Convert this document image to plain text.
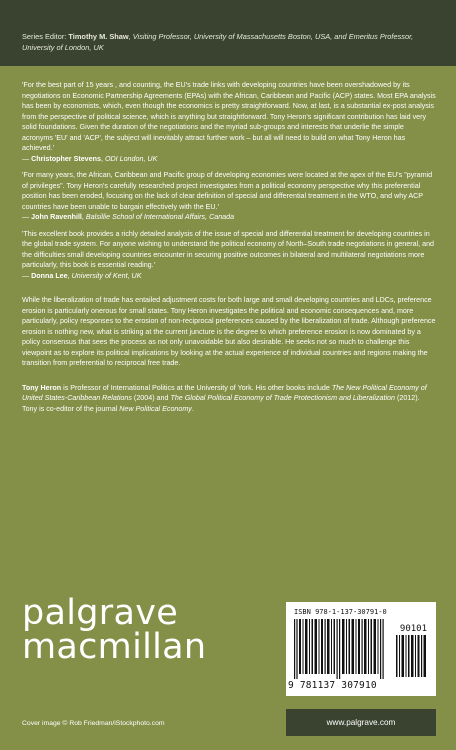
Series Editor: Timothy M. Shaw, Visiting Professor, University of Massachusetts Boston, USA, and Emeritus Professor, University of London, UK
'For the best part of 15 years , and counting, the EU's trade links with developing countries have been overshadowed by its negotiations on Economic Partnership Agreements (EPAs) with the African, Caribbean and Pacific (ACP) states. Most EPA analysis has been by economists, which, even though the economics is pretty straightforward. Now, at last, is a substantial ex-post analysis from the perspective of political science, which is anything but straightforward. Tony Heron's significant contribution has laid very solid foundations. Given the duration of the negotiations and the myriad sub-groups and interests that underlie the simple acronyms 'EU' and 'ACP', the subject will inevitably attract further work – but all will need to build on what Tony Heron has achieved.'
— Christopher Stevens, ODI London, UK
'For many years, the African, Caribbean and Pacific group of developing economies were located at the apex of the EU's "pyramid of privileges". Tony Heron's carefully researched project investigates from a political economy perspective why this preferential position has been eroded, focusing on the lack of clear definition of special and differential treatment in the WTO, and why ACP countries have been unable to bargain effectively with the EU.'
— John Ravenhill, Balsillie School of International Affairs, Canada
'This excellent book provides a richly detailed analysis of the issue of special and differential treatment for developing countries in the global trade system. For anyone wishing to understand the political economy of North–South trade negotiations in general, and the difficulties small developing countries encounter in securing positive outcomes in bilateral and multilateral negotiations more particularly, this book is essential reading.'
— Donna Lee, University of Kent, UK
While the liberalization of trade has entailed adjustment costs for both large and small developing countries and LDCs, preference erosion is particularly onerous for small states. Tony Heron investigates the political and economic consequences and, more particularly, policy responses to the erosion of non-reciprocal preferences caused by the liberalization of trade. Although preference erosion is nothing new, what is striking at the current juncture is the degree to which preference erosion is now dominated by a policy consensus that sees the process as not only unavoidable but also desirable. He seeks not so much to challenge this viewpoint as to explore its political implications by looking at the actual experience of individual countries and regions making the transition from preferential to reciprocal free trade.
Tony Heron is Professor of International Politics at the University of York. His other books include The New Political Economy of United States-Caribbean Relations (2004) and The Global Political Economy of Trade Protectionism and Liberalization (2012). Tony is co-editor of the journal New Political Economy.
palgrave
macmillan
ISBN 978-1-137-30791-0
90101
9 781137 307910
Cover image © Rob Friedman/iStockphoto.com	www.palgrave.com
